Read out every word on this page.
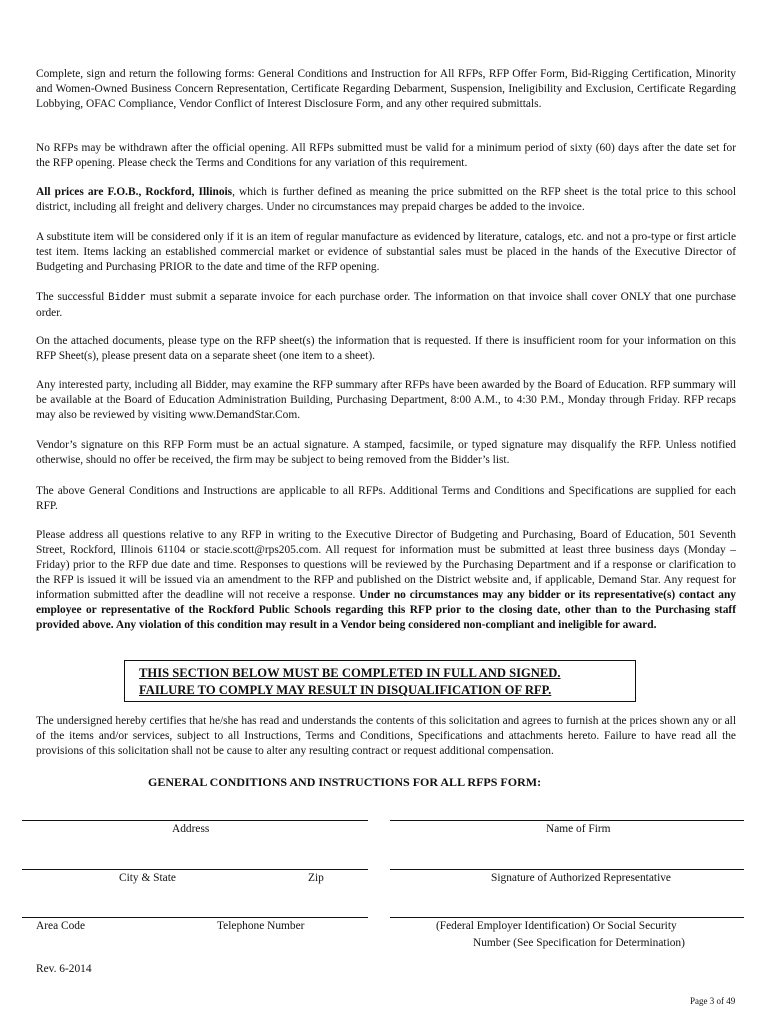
Complete, sign and return the following forms: General Conditions and Instruction for All RFPs, RFP Offer Form, Bid-Rigging Certification, Minority and Women-Owned Business Concern Representation, Certificate Regarding Debarment, Suspension, Ineligibility and Exclusion, Certificate Regarding Lobbying, OFAC Compliance, Vendor Conflict of Interest Disclosure Form, and any other required submittals.

No RFPs may be withdrawn after the official opening. All RFPs submitted must be valid for a minimum period of sixty (60) days after the date set for the RFP opening. Please check the Terms and Conditions for any variation of this requirement.

All prices are F.O.B., Rockford, Illinois, which is further defined as meaning the price submitted on the RFP sheet is the total price to this school district, including all freight and delivery charges. Under no circumstances may prepaid charges be added to the invoice.

A substitute item will be considered only if it is an item of regular manufacture as evidenced by literature, catalogs, etc. and not a pro-type or first article test item. Items lacking an established commercial market or evidence of substantial sales must be placed in the hands of the Executive Director of Budgeting and Purchasing PRIOR to the date and time of the RFP opening.

The successful Bidder must submit a separate invoice for each purchase order. The information on that invoice shall cover ONLY that one purchase order.

On the attached documents, please type on the RFP sheet(s) the information that is requested. If there is insufficient room for your information on this RFP Sheet(s), please present data on a separate sheet (one item to a sheet).

Any interested party, including all Bidder, may examine the RFP summary after RFPs have been awarded by the Board of Education. RFP summary will be available at the Board of Education Administration Building, Purchasing Department, 8:00 A.M., to 4:30 P.M., Monday through Friday. RFP recaps may also be reviewed by visiting www.DemandStar.Com.

Vendor’s signature on this RFP Form must be an actual signature. A stamped, facsimile, or typed signature may disqualify the RFP. Unless notified otherwise, should no offer be received, the firm may be subject to being removed from the Bidder’s list.

The above General Conditions and Instructions are applicable to all RFPs. Additional Terms and Conditions and Specifications are supplied for each RFP.

Please address all questions relative to any RFP in writing to the Executive Director of Budgeting and Purchasing, Board of Education, 501 Seventh Street, Rockford, Illinois 61104 or stacie.scott@rps205.com. All request for information must be submitted at least three business days (Monday – Friday) prior to the RFP due date and time. Responses to questions will be reviewed by the Purchasing Department and if a response or clarification to the RFP is issued it will be issued via an amendment to the RFP and published on the District website and, if applicable, Demand Star. Any request for information submitted after the deadline will not receive a response. Under no circumstances may any bidder or its representative(s) contact any employee or representative of the Rockford Public Schools regarding this RFP prior to the closing date, other than to the Purchasing staff provided above. Any violation of this condition may result in a Vendor being considered non-compliant and ineligible for award.

THIS SECTION BELOW MUST BE COMPLETED IN FULL AND SIGNED.
FAILURE TO COMPLY MAY RESULT IN DISQUALIFICATION OF RFP.

The undersigned hereby certifies that he/she has read and understands the contents of this solicitation and agrees to furnish at the prices shown any or all of the items and/or services, subject to all Instructions, Terms and Conditions, Specifications and attachments hereto. Failure to have read all the provisions of this solicitation shall not be cause to alter any resulting contract or request additional compensation.

GENERAL CONDITIONS AND INSTRUCTIONS FOR ALL RFPS FORM:
Address	Name of Firm
City & State	Zip	Signature of Authorized Representative
Area Code	Telephone Number	(Federal Employer Identification) Or Social Security
Number (See Specification for Determination)
Rev. 6-2014
Page 3 of 49
